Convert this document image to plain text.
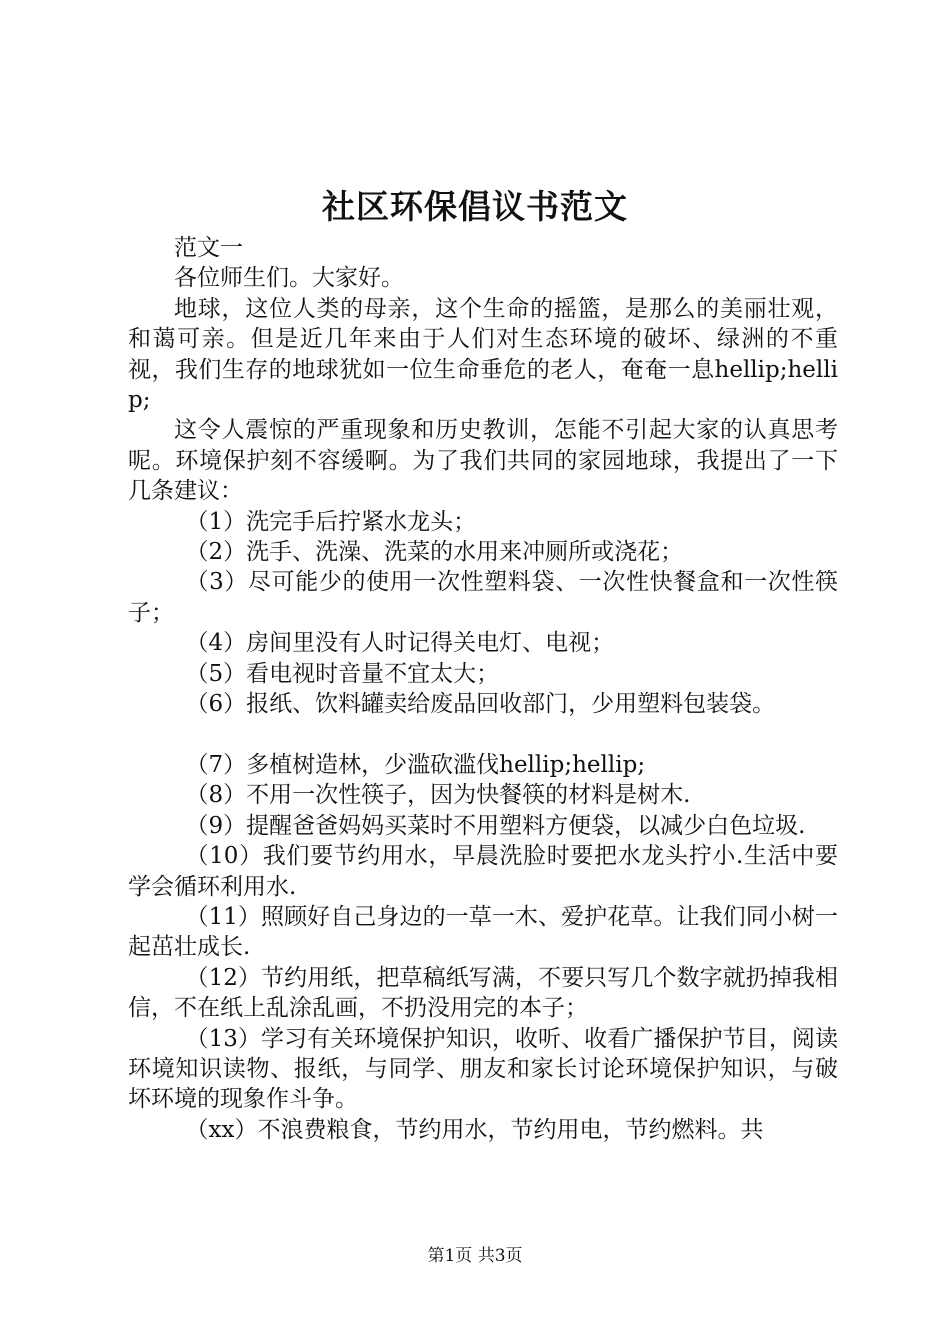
社区环保倡议书范文

范文一

各位师生们。大家好。

地球，这位人类的母亲，这个生命的摇篮，是那么的美丽壮观，和蔼可亲。但是近几年来由于人们对生态环境的破坏、绿洲的不重视，我们生存的地球犹如一位生命垂危的老人，奄奄一息hellip;hellip;

这令人震惊的严重现象和历史教训，怎能不引起大家的认真思考呢。环境保护刻不容缓啊。为了我们共同的家园地球，我提出了一下几条建议：

（1）洗完手后拧紧水龙头；

（2）洗手、洗澡、洗菜的水用来冲厕所或浇花；

（3）尽可能少的使用一次性塑料袋、一次性快餐盒和一次性筷子；

（4）房间里没有人时记得关电灯、电视；

（5）看电视时音量不宜太大；

（6）报纸、饮料罐卖给废品回收部门，少用塑料包装袋。

（7）多植树造林，少滥砍滥伐hellip;hellip;

（8）不用一次性筷子，因为快餐筷的材料是树木.

（9）提醒爸爸妈妈买菜时不用塑料方便袋，以减少白色垃圾.

（10）我们要节约用水，早晨洗脸时要把水龙头拧小.生活中要学会循环利用水.

（11）照顾好自己身边的一草一木、爱护花草。让我们同小树一起茁壮成长.

（12）节约用纸，把草稿纸写满，不要只写几个数字就扔掉我相信，不在纸上乱涂乱画，不扔没用完的本子；

（13）学习有关环境保护知识，收听、收看广播保护节目，阅读环境知识读物、报纸，与同学、朋友和家长讨论环境保护知识，与破坏环境的现象作斗争。

（xx）不浪费粮食，节约用水，节约用电，节约燃料。共

第1页 共3页
